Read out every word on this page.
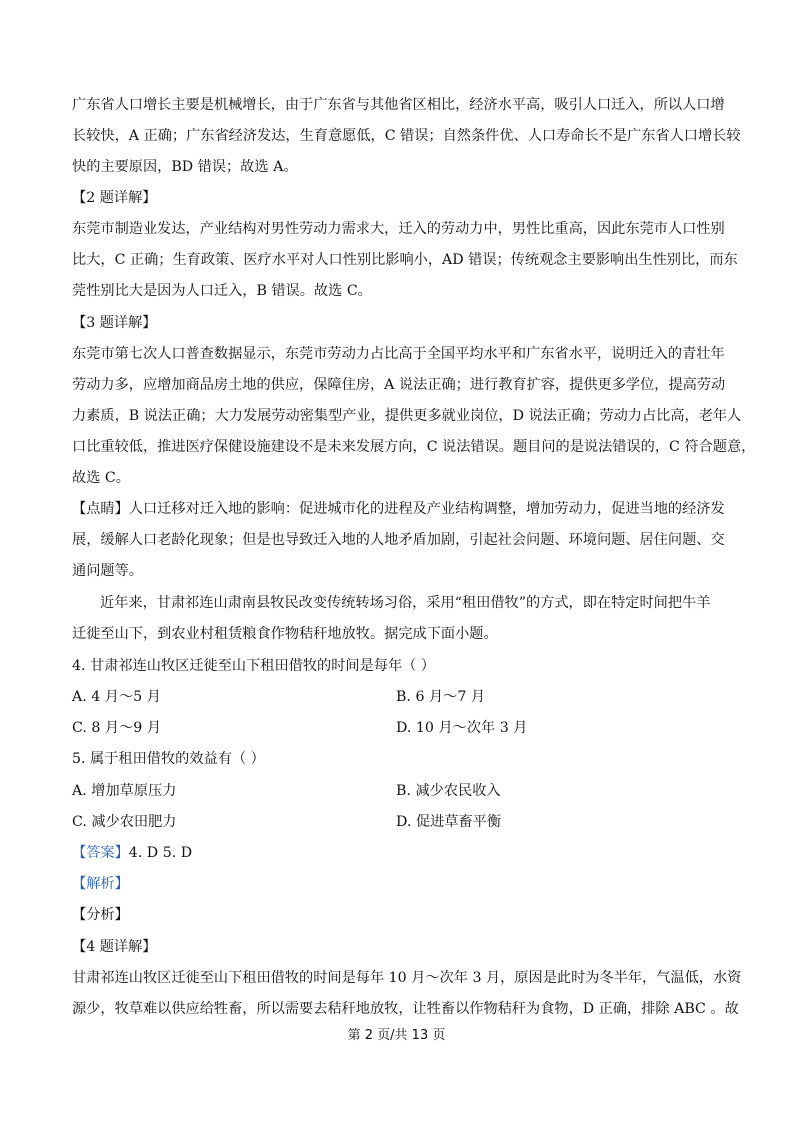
广东省人口增长主要是机械增长，由于广东省与其他省区相比，经济水平高，吸引人口迁入，所以人口增
长较快，A 正确；广东省经济发达，生育意愿低，C 错误；自然条件优、人口寿命长不是广东省人口增长较
快的主要原因，BD 错误；故选 A。
【2 题详解】
东莞市制造业发达，产业结构对男性劳动力需求大，迁入的劳动力中，男性比重高，因此东莞市人口性别
比大，C 正确；生育政策、医疗水平对人口性别比影响小，AD 错误；传统观念主要影响出生性别比，而东
莞性别比大是因为人口迁入，B 错误。故选 C。
【3 题详解】
东莞市第七次人口普查数据显示，东莞市劳动力占比高于全国平均水平和广东省水平，说明迁入的青壮年
劳动力多，应增加商品房土地的供应，保障住房，A 说法正确；进行教育扩容，提供更多学位，提高劳动
力素质，B 说法正确；大力发展劳动密集型产业，提供更多就业岗位，D 说法正确；劳动力占比高，老年人
口比重较低，推进医疗保健设施建设不是未来发展方向，C 说法错误。题目问的是说法错误的，C 符合题意，
故选 C。
【点睛】人口迁移对迁入地的影响：促进城市化的进程及产业结构调整，增加劳动力，促进当地的经济发
展，缓解人口老龄化现象；但是也导致迁入地的人地矛盾加剧，引起社会问题、环境问题、居住问题、交
通问题等。
近年来，甘肃祁连山肃南县牧民改变传统转场习俗，采用“租田借牧”的方式，即在特定时间把牛羊
迁徙至山下，到农业村租赁粮食作物秸秆地放牧。据完成下面小题。
4. 甘肃祁连山牧区迁徙至山下租田借牧的时间是每年（ ）
A. 4 月～5 月	B. 6 月～7 月
C. 8 月～9 月	D. 10 月～次年 3 月
5. 属于租田借牧的效益有（ ）
A. 增加草原压力	B. 减少农民收入
C. 减少农田肥力	D. 促进草畜平衡
【答案】4. D 5. D
【解析】
【分析】
【4 题详解】
甘肃祁连山牧区迁徙至山下租田借牧的时间是每年 10 月～次年 3 月，原因是此时为冬半年，气温低，水资
源少，牧草难以供应给牲畜，所以需要去秸秆地放牧，让牲畜以作物秸秆为食物，D 正确，排除 ABC 。故
第 2 页/共 13 页
